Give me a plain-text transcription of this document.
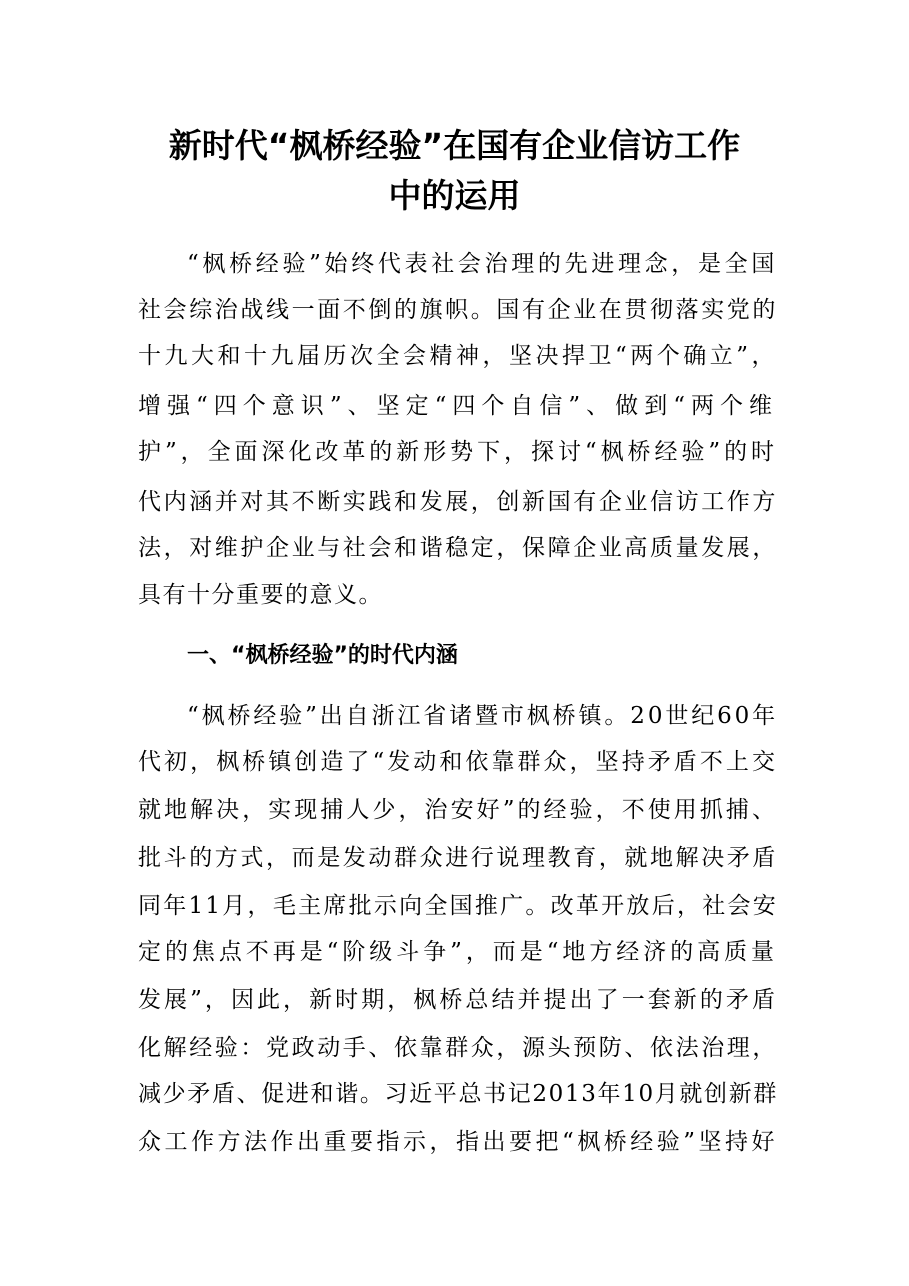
新时代“枫桥经验”在国有企业信访工作
中的运用
“枫桥经验”始终代表社会治理的先进理念，是全国
社会综治战线一面不倒的旗帜。国有企业在贯彻落实党的
十九大和十九届历次全会精神，坚决捍卫“两个确立”，
增强“四个意识”、坚定“四个自信”、做到“两个维
护”，全面深化改革的新形势下，探讨“枫桥经验”的时
代内涵并对其不断实践和发展，创新国有企业信访工作方
法，对维护企业与社会和谐稳定，保障企业高质量发展，
具有十分重要的意义。
一、“枫桥经验”的时代内涵
“枫桥经验”出自浙江省诸暨市枫桥镇。20世纪60年
代初，枫桥镇创造了“发动和依靠群众，坚持矛盾不上交
就地解决，实现捕人少，治安好”的经验，不使用抓捕、
批斗的方式，而是发动群众进行说理教育，就地解决矛盾
同年11月，毛主席批示向全国推广。改革开放后，社会安
定的焦点不再是“阶级斗争”，而是“地方经济的高质量
发展”，因此，新时期，枫桥总结并提出了一套新的矛盾
化解经验：党政动手、依靠群众，源头预防、依法治理，
减少矛盾、促进和谐。习近平总书记2013年10月就创新群
众工作方法作出重要指示，指出要把“枫桥经验”坚持好
